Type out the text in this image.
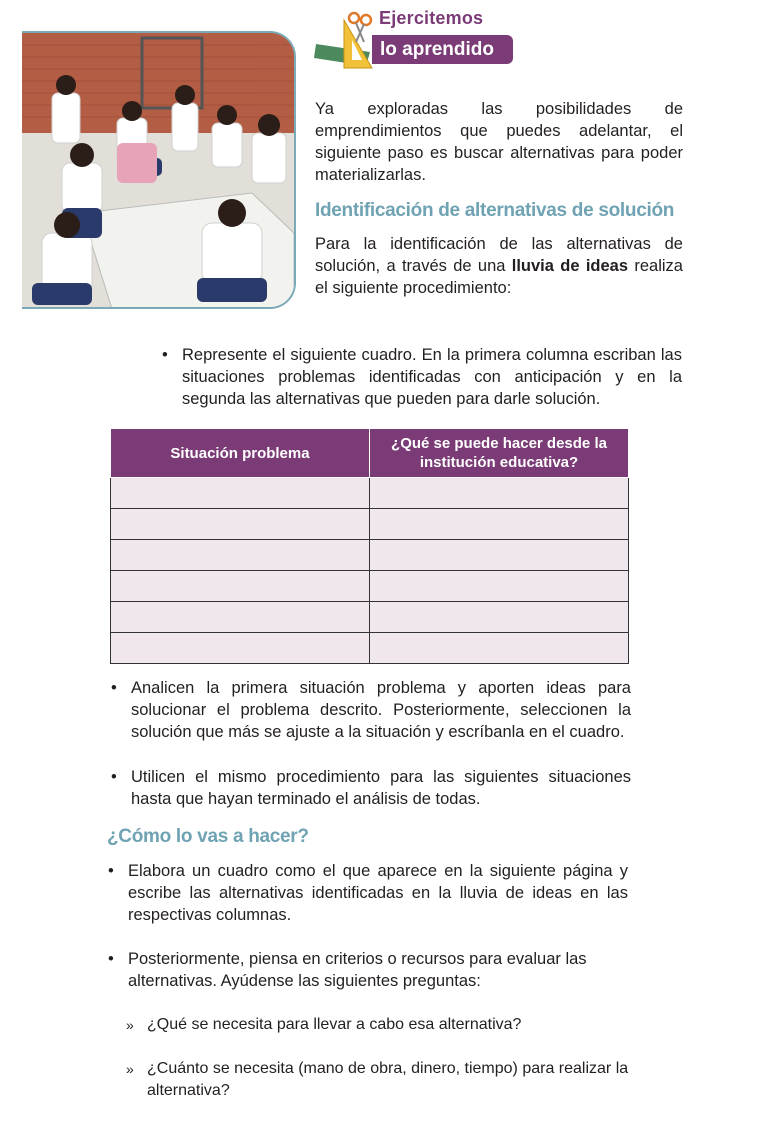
Ejercitemos
lo aprendido
Ya exploradas las posibilidades de emprendimientos que puedes adelantar, el siguiente paso es buscar alternativas para poder materializarlas.
Identificación de alternativas de solución
Para la identificación de las alternativas de solución, a través de una lluvia de ideas realiza el siguiente procedimiento:
• Represente el siguiente cuadro. En la primera columna escriban las situaciones problemas identificadas con anticipación y en la segunda las alternativas que pueden para darle solución.
Situación problema	¿Qué se puede hacer desde la institución educativa?

• Analicen la primera situación problema y aporten ideas para solucionar el problema descrito. Posteriormente, seleccionen la solución que más se ajuste a la situación y escríbanla en el cuadro.
• Utilicen el mismo procedimiento para las siguientes situaciones hasta que hayan terminado el análisis de todas.
¿Cómo lo vas a hacer?
• Elabora un cuadro como el que aparece en la siguiente página y escribe las alternativas identificadas en la lluvia de ideas en las respectivas columnas.
• Posteriormente, piensa en criterios o recursos para evaluar las alternativas. Ayúdense las siguientes preguntas:
» ¿Qué se necesita para llevar a cabo esa alternativa?
» ¿Cuánto se necesita (mano de obra, dinero, tiempo) para realizar la alternativa?
